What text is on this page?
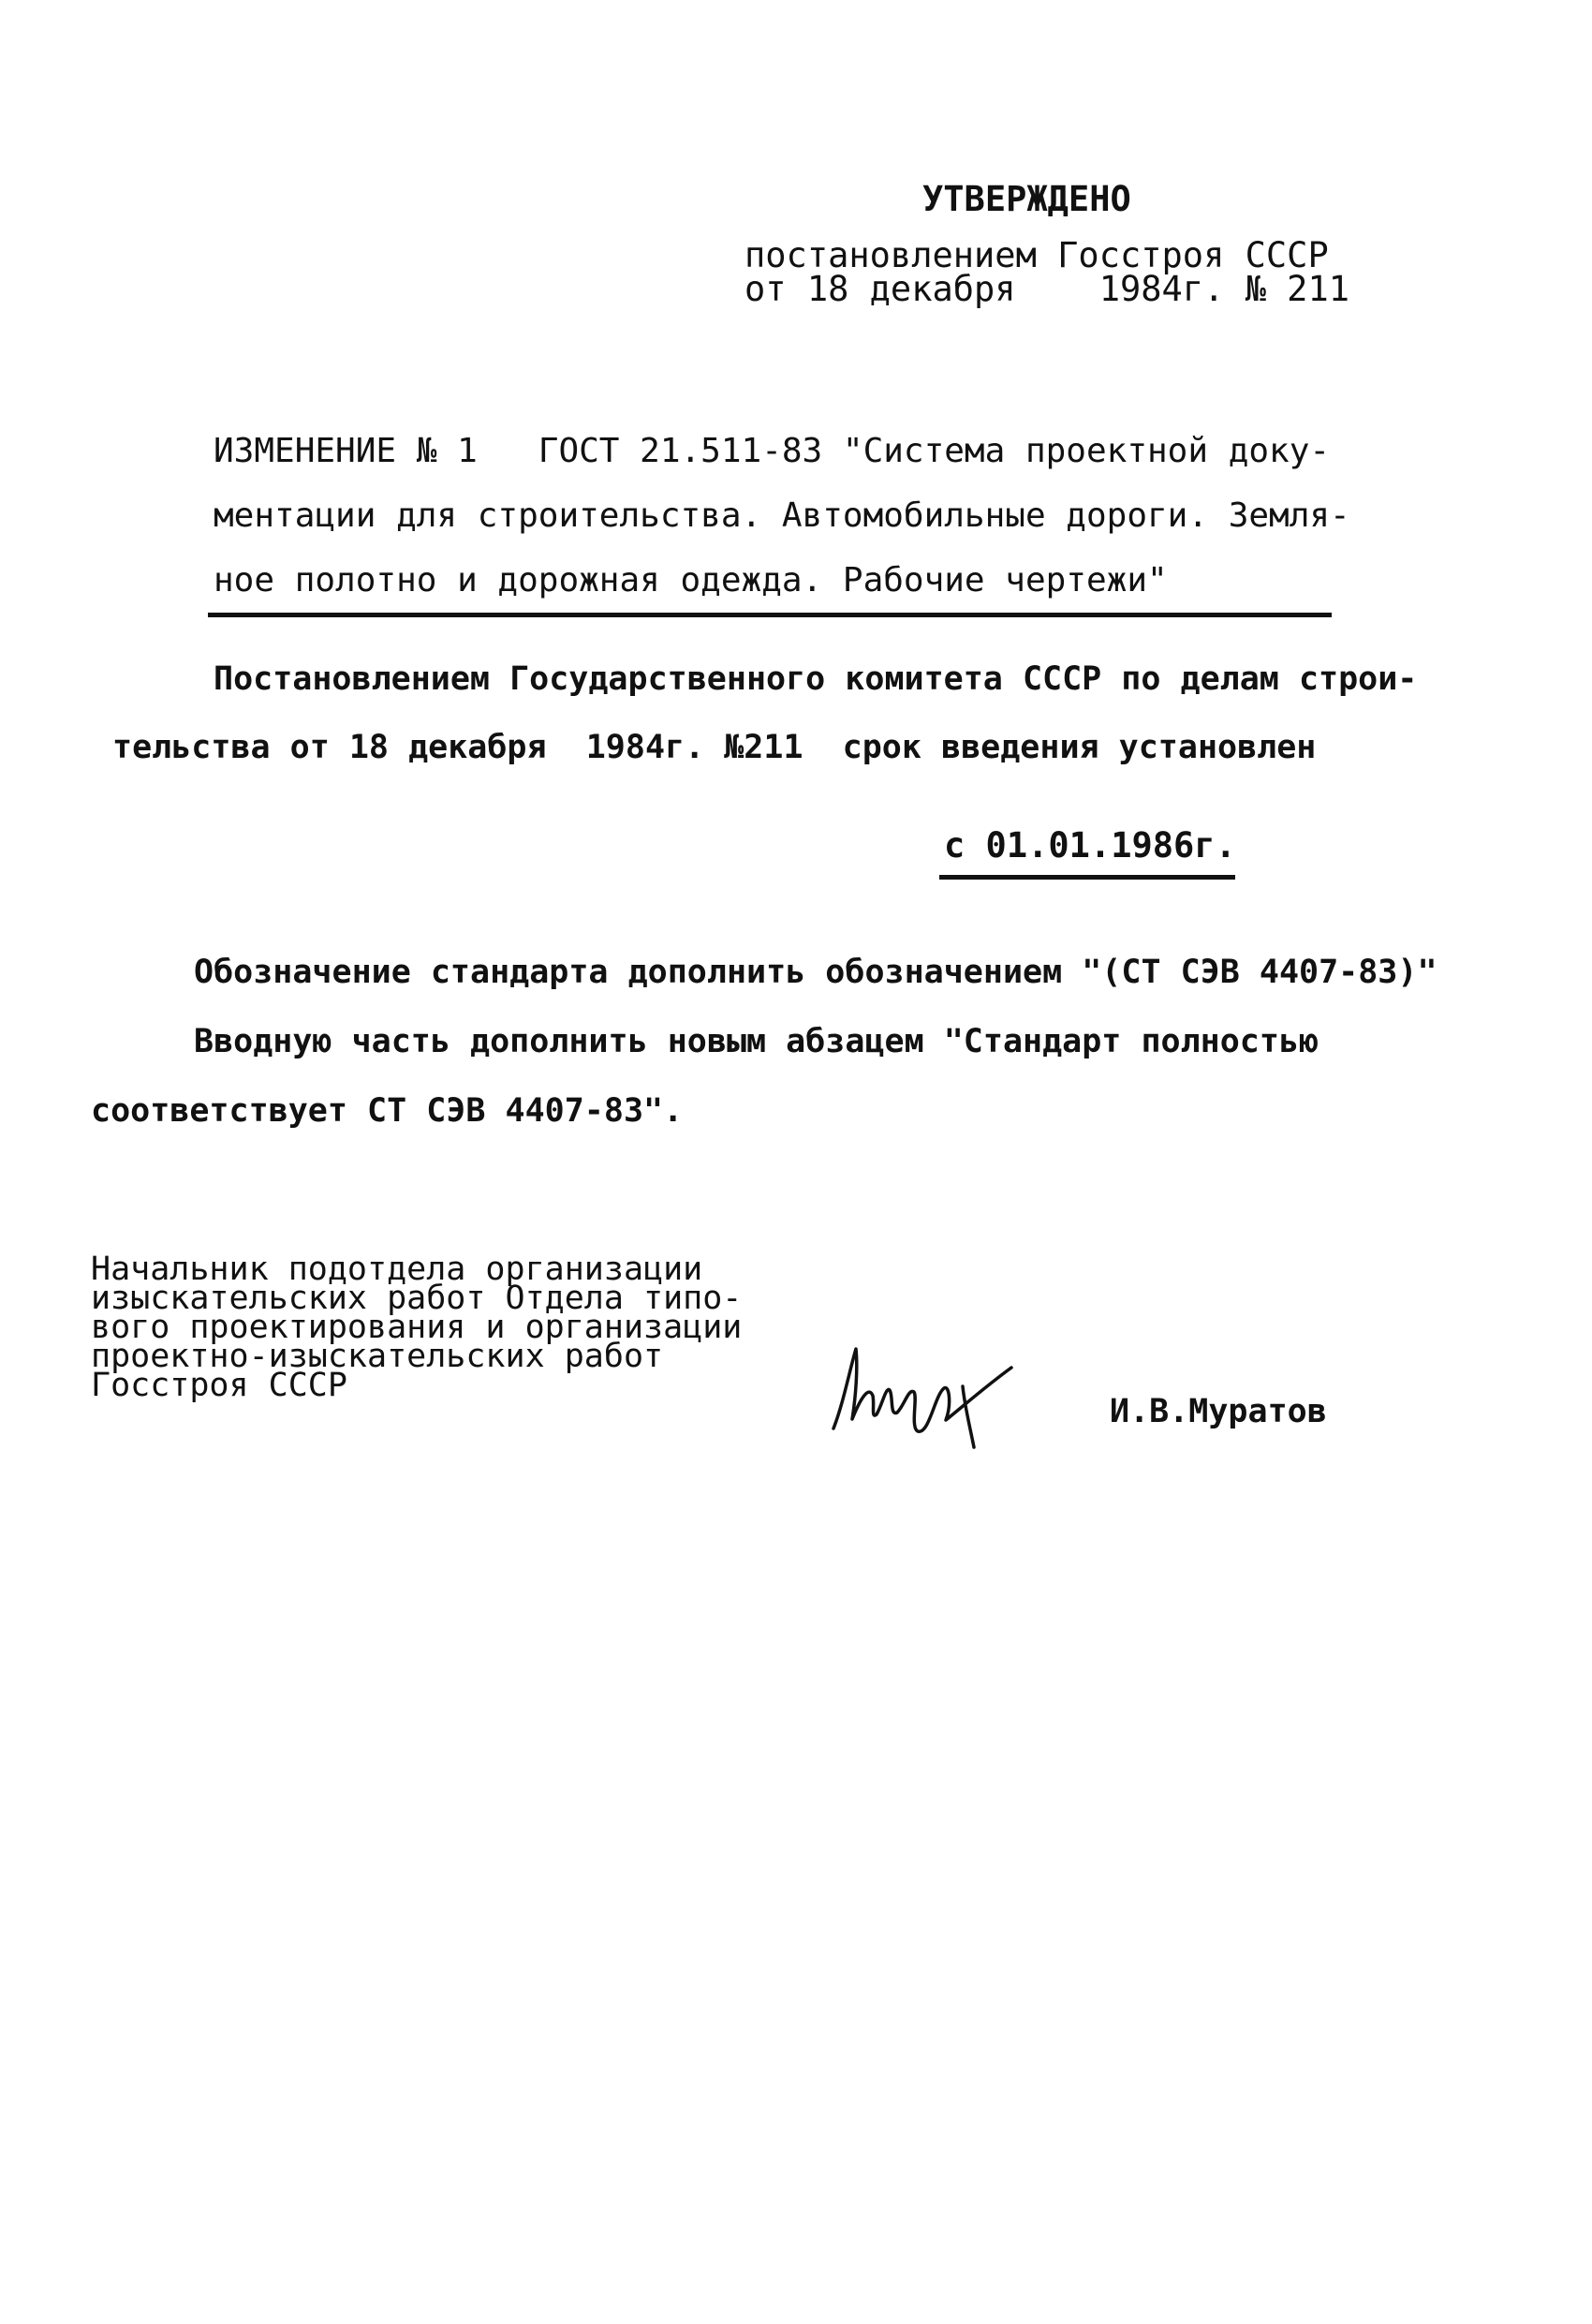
УТВЕРЖДЕНО
постановлением Госстроя СССР
от 18 декабря    1984г. № 211
ИЗМЕНЕНИЕ № 1   ГОСТ 21.511-83 "Система проектной доку-
ментации для строительства. Автомобильные дороги. Земля-
ное полотно и дорожная одежда. Рабочие чертежи"
Постановлением Государственного комитета СССР по делам строи-
тельства от 18 декабря  1984г. №211  срок введения установлен
с 01.01.1986г.
Обозначение стандарта дополнить обозначением "(СТ СЭВ 4407-83)"
Вводную часть дополнить новым абзацем "Стандарт полностью
соответствует СТ СЭВ 4407-83".
Начальник подотдела организации
изыскательских работ Отдела типо-
вого проектирования и организации
проектно-изыскательских работ
Госстроя СССР
И.В.Муратов
